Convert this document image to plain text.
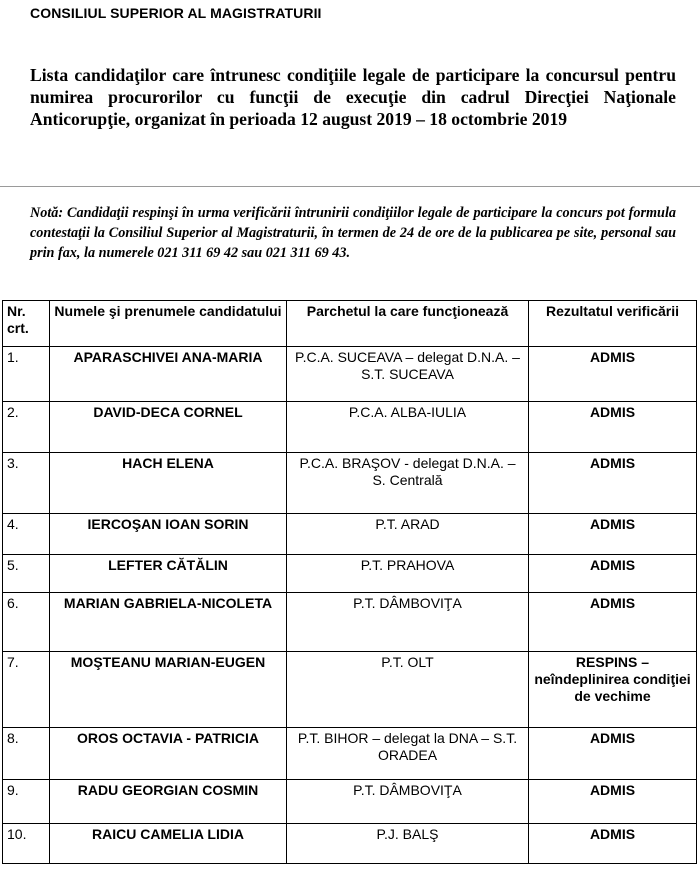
CONSILIUL SUPERIOR AL MAGISTRATURII
Lista candidaţilor care întrunesc condiţiile legale de participare la concursul pentru numirea procurorilor cu funcţii de execuţie din cadrul Direcţiei Naţionale Anticorupţie, organizat în perioada 12 august 2019 – 18 octombrie 2019
Notă: Candidaţii respinşi în urma verificării întrunirii condiţiilor legale de participare la concurs pot formula contestaţii la Consiliul Superior al Magistraturii, în termen de 24 de ore de la publicarea pe site, personal sau prin fax, la numerele 021 311 69 42 sau 021 311 69 43.
Nr. crt.	Numele şi prenumele candidatului	Parchetul la care funcţionează	Rezultatul verificării
1.	APARASCHIVEI ANA-MARIA	P.C.A. SUCEAVA – delegat D.N.A. – S.T. SUCEAVA	ADMIS
2.	DAVID-DECA CORNEL	P.C.A. ALBA-IULIA	ADMIS
3.	HACH ELENA	P.C.A. BRAŞOV - delegat D.N.A. – S. Centrală	ADMIS
4.	IERCOŞAN IOAN SORIN	P.T. ARAD	ADMIS
5.	LEFTER CĂTĂLIN	P.T. PRAHOVA	ADMIS
6.	MARIAN GABRIELA-NICOLETA	P.T. DÂMBOVIŢA	ADMIS
7.	MOŞTEANU MARIAN-EUGEN	P.T. OLT	RESPINS – neîndeplinirea condiţiei de vechime
8.	OROS OCTAVIA - PATRICIA	P.T. BIHOR – delegat la DNA – S.T. ORADEA	ADMIS
9.	RADU GEORGIAN COSMIN	P.T. DÂMBOVIŢA	ADMIS
10.	RAICU CAMELIA LIDIA	P.J. BALŞ	ADMIS
